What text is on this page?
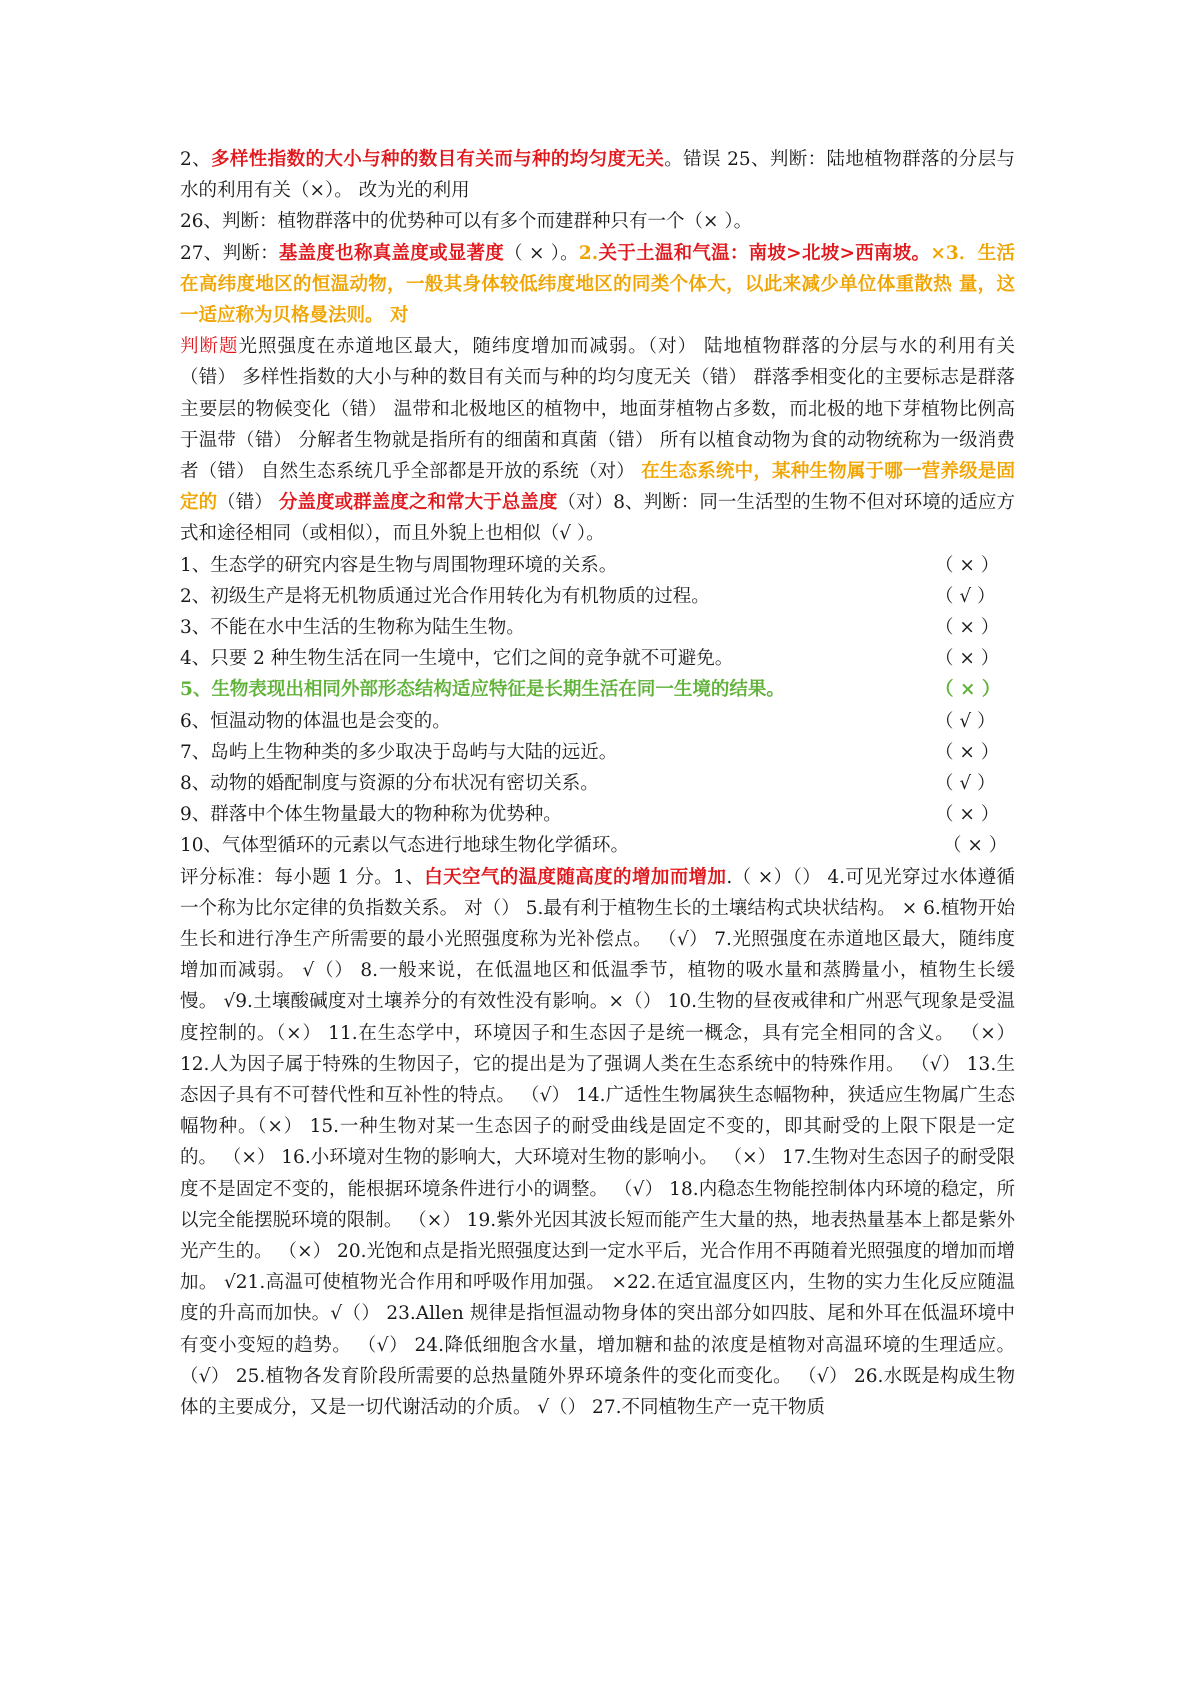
2、多样性指数的大小与种的数目有关而与种的均匀度无关。错误 25、判断：陆地植物群落的分层与水的利用有关（×）。 改为光的利用

26、判断：植物群落中的优势种可以有多个而建群种只有一个（× ）。

27、判断：基盖度也称真盖度或显著度（ × ）。2.关于土温和气温：南坡>北坡>西南坡。×3．生活在高纬度地区的恒温动物，一般其身体较低纬度地区的同类个体大，以此来减少单位体重散热 量，这一适应称为贝格曼法则。 对

判断题光照强度在赤道地区最大，随纬度增加而减弱。（对） 陆地植物群落的分层与水的利用有关（错） 多样性指数的大小与种的数目有关而与种的均匀度无关（错） 群落季相变化的主要标志是群落主要层的物候变化（错） 温带和北极地区的植物中，地面芽植物占多数，而北极的地下芽植物比例高于温带（错） 分解者生物就是指所有的细菌和真菌（错） 所有以植食动物为食的动物统称为一级消费者（错） 自然生态系统几乎全部都是开放的系统（对） 在生态系统中，某种生物属于哪一营养级是固定的（错） 分盖度或群盖度之和常大于总盖度（对）8、判断：同一生活型的生物不但对环境的适应方式和途径相同（或相似），而且外貌上也相似（√ ）。

1、生态学的研究内容是生物与周围物理环境的关系。	（ × ）
2、初级生产是将无机物质通过光合作用转化为有机物质的过程。	（ √ ）
3、不能在水中生活的生物称为陆生生物。	（ × ）
4、只要 2 种生物生活在同一生境中，它们之间的竞争就不可避免。	（ × ）
5、生物表现出相同外部形态结构适应特征是长期生活在同一生境的结果。	（ × ）
6、恒温动物的体温也是会变的。	（ √ ）
7、岛屿上生物种类的多少取决于岛屿与大陆的远近。	（ × ）
8、动物的婚配制度与资源的分布状况有密切关系。	（ √ ）
9、群落中个体生物量最大的物种称为优势种。	（ × ）
10、气体型循环的元素以气态进行地球生物化学循环。	（ × ）

评分标准：每小题 1 分。1、白天空气的温度随高度的增加而增加.（ ×）（） 4.可见光穿过水体遵循一个称为比尔定律的负指数关系。 对（） 5.最有利于植物生长的土壤结构式块状结构。 × 6.植物开始生长和进行净生产所需要的最小光照强度称为光补偿点。 （√） 7.光照强度在赤道地区最大，随纬度增加而减弱。 √（） 8.一般来说，在低温地区和低温季节，植物的吸水量和蒸腾量小，植物生长缓慢。 √9.土壤酸碱度对土壤养分的有效性没有影响。×（） 10.生物的昼夜戒律和广州恶气现象是受温度控制的。（×） 11.在生态学中，环境因子和生态因子是统一概念，具有完全相同的含义。 （×） 12.人为因子属于特殊的生物因子，它的提出是为了强调人类在生态系统中的特殊作用。 （√） 13.生态因子具有不可替代性和互补性的特点。 （√） 14.广适性生物属狭生态幅物种，狭适应生物属广生态幅物种。（×） 15.一种生物对某一生态因子的耐受曲线是固定不变的，即其耐受的上限下限是一定的。 （×） 16.小环境对生物的影响大，大环境对生物的影响小。 （×） 17.生物对生态因子的耐受限度不是固定不变的，能根据环境条件进行小的调整。 （√） 18.内稳态生物能控制体内环境的稳定，所以完全能摆脱环境的限制。 （×） 19.紫外光因其波长短而能产生大量的热，地表热量基本上都是紫外光产生的。 （×） 20.光饱和点是指光照强度达到一定水平后，光合作用不再随着光照强度的增加而增加。 √21.高温可使植物光合作用和呼吸作用加强。 ×22.在适宜温度区内，生物的实力生化反应随温度的升高而加快。√（） 23.Allen 规律是指恒温动物身体的突出部分如四肢、尾和外耳在低温环境中有变小变短的趋势。 （√） 24.降低细胞含水量，增加糖和盐的浓度是植物对高温环境的生理适应。（√） 25.植物各发育阶段所需要的总热量随外界环境条件的变化而变化。 （√） 26.水既是构成生物体的主要成分，又是一切代谢活动的介质。 √（） 27.不同植物生产一克干物质
